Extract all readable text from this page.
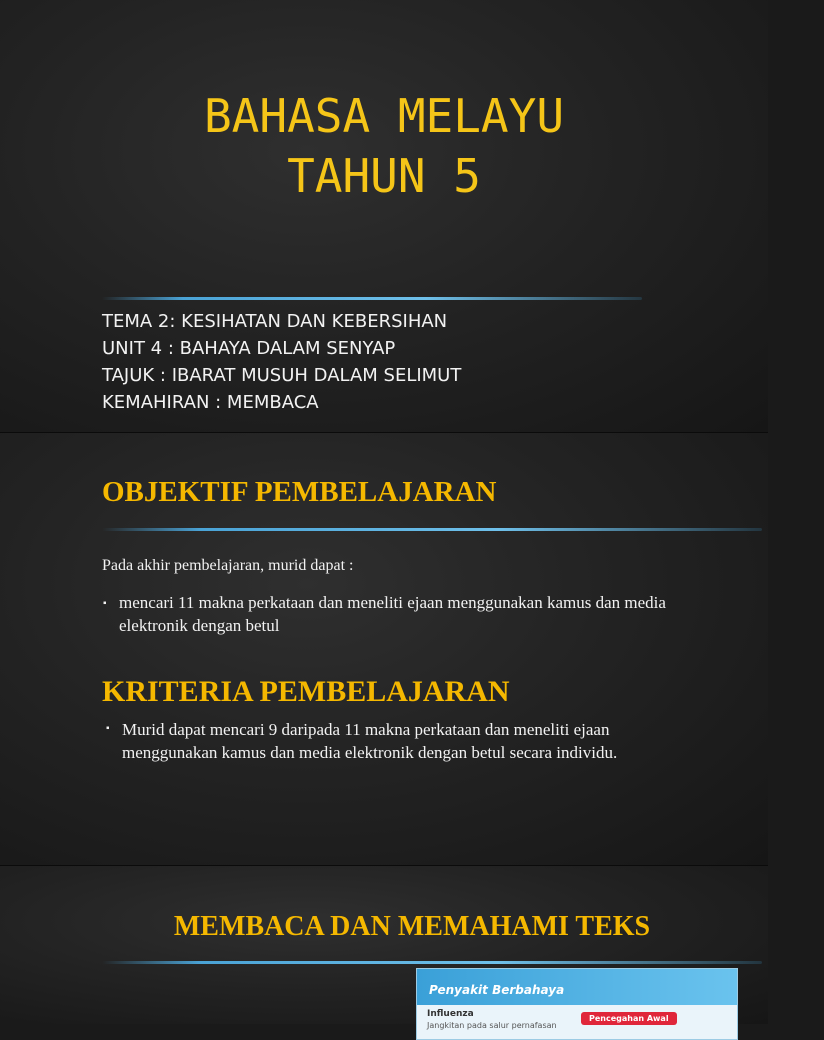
BAHASA MELAYU
TAHUN 5
TEMA 2: KESIHATAN DAN KEBERSIHAN
UNIT 4 : BAHAYA DALAM SENYAP
TAJUK : IBARAT MUSUH DALAM SELIMUT
KEMAHIRAN : MEMBACA
OBJEKTIF PEMBELAJARAN
Pada akhir pembelajaran, murid dapat :
▪ mencari 11 makna perkataan dan meneliti ejaan menggunakan kamus dan media elektronik dengan betul
KRITERIA PEMBELAJARAN
▪ Murid dapat mencari 9 daripada 11 makna perkataan dan meneliti ejaan menggunakan kamus dan media elektronik dengan betul secara individu.
MEMBACA DAN MEMAHAMI TEKS
Penyakit Berbahaya
Influenza
Jangkitan pada salur pernafasan
Pencegahan Awal
